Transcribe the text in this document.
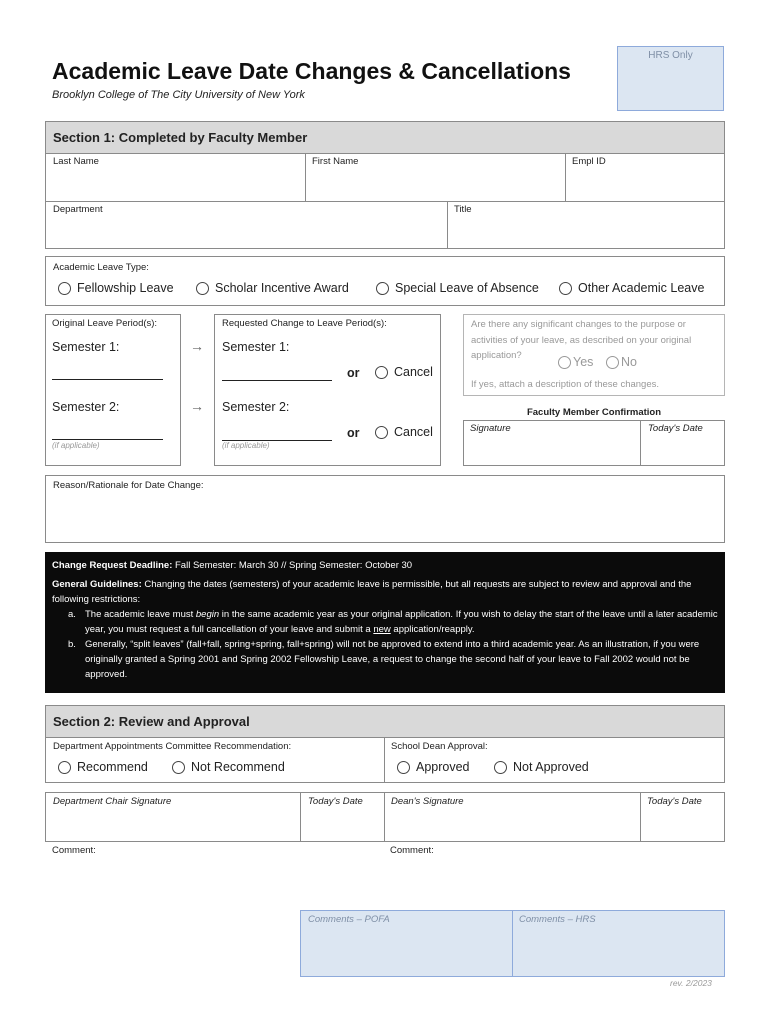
Academic Leave Date Changes & Cancellations
Brooklyn College of The City University of New York
HRS Only
Section 1: Completed by Faculty Member
Last Name	First Name	Empl ID
Department	Title
Academic Leave Type:
Fellowship Leave	Scholar Incentive Award	Special Leave of Absence	Other Academic Leave
Original Leave Period(s):
Semester 1:
Semester 2:
(if applicable)
→
→
Requested Change to Leave Period(s):
Semester 1:
or	Cancel
Semester 2:
or	Cancel
(if applicable)
Are there any significant changes to the purpose or activities of your leave, as described on your original application?	Yes No
If yes, attach a description of these changes.
Faculty Member Confirmation
Signature	Today's Date
Reason/Rationale for Date Change:
Change Request Deadline: Fall Semester: March 30 // Spring Semester: October 30
General Guidelines: Changing the dates (semesters) of your academic leave is permissible, but all requests are subject to review and approval and the following restrictions:
a. The academic leave must begin in the same academic year as your original application. If you wish to delay the start of the leave until a later academic year, you must request a full cancellation of your leave and submit a new application/reapply.
b. Generally, “split leaves” (fall+fall, spring+spring, fall+spring) will not be approved to extend into a third academic year. As an illustration, if you were originally granted a Spring 2001 and Spring 2002 Fellowship Leave, a request to change the second half of your leave to Fall 2002 would not be approved.
Section 2: Review and Approval
Department Appointments Committee Recommendation:
Recommend	Not Recommend
School Dean Approval:
Approved	Not Approved
Department Chair Signature	Today's Date	Dean's Signature	Today's Date
Comment:	Comment:
Comments – POFA	Comments – HRS
rev. 2/2023
